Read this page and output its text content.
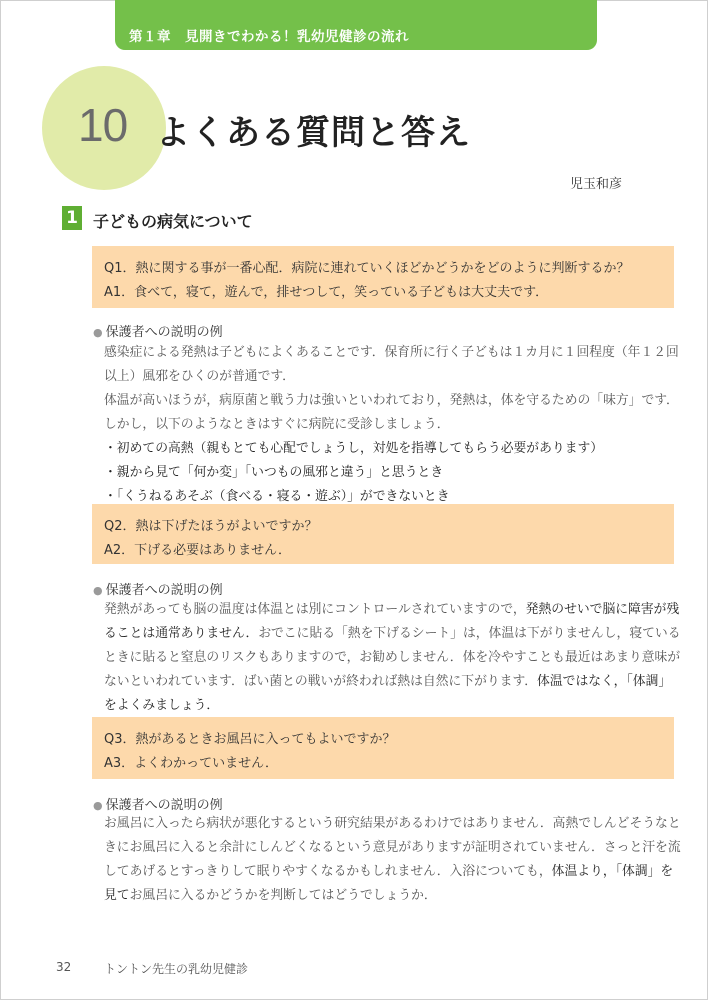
第１章　見開きでわかる！乳幼児健診の流れ
10 よくある質問と答え
児玉和彦
1 子どもの病気について
Q1．熱に関する事が一番心配．病院に連れていくほどかどうかをどのように判断するか？
A1．食べて，寝て，遊んで，排せつして，笑っている子どもは大丈夫です．
● 保護者への説明の例

感染症による発熱は子どもによくあることです．保育所に行く子どもは１カ月に１回程度（年１２回

以上）風邪をひくのが普通です．

体温が高いほうが，病原菌と戦う力は強いといわれており，発熱は，体を守るための「味方」です．

しかし，以下のようなときはすぐに病院に受診しましょう．

・初めての高熱（親もとても心配でしょうし，対処を指導してもらう必要があります）

・親から見て「何か変」「いつもの風邪と違う」と思うとき

・「くうねるあそぶ（食べる・寝る・遊ぶ）」ができないとき

Q2．熱は下げたほうがよいですか？
A2．下げる必要はありません．
● 保護者への説明の例

発熱があっても脳の温度は体温とは別にコントロールされていますので，発熱のせいで脳に障害が残

ることは通常ありません．おでこに貼る「熱を下げるシート」は，体温は下がりませんし，寝ている

ときに貼ると窒息のリスクもありますので，お勧めしません．体を冷やすことも最近はあまり意味が

ないといわれています．ばい菌との戦いが終われば熱は自然に下がります．体温ではなく，「体調」

をよくみましょう．

Q3．熱があるときお風呂に入ってもよいですか？
A3．よくわかっていません．
● 保護者への説明の例

お風呂に入ったら病状が悪化するという研究結果があるわけではありません．高熱でしんどそうなと

きにお風呂に入ると余計にしんどくなるという意見がありますが証明されていません．さっと汗を流

してあげるとすっきりして眠りやすくなるかもしれません．入浴についても，体温より，「体調」を

見てお風呂に入るかどうかを判断してはどうでしょうか．

32	トントン先生の乳幼児健診
